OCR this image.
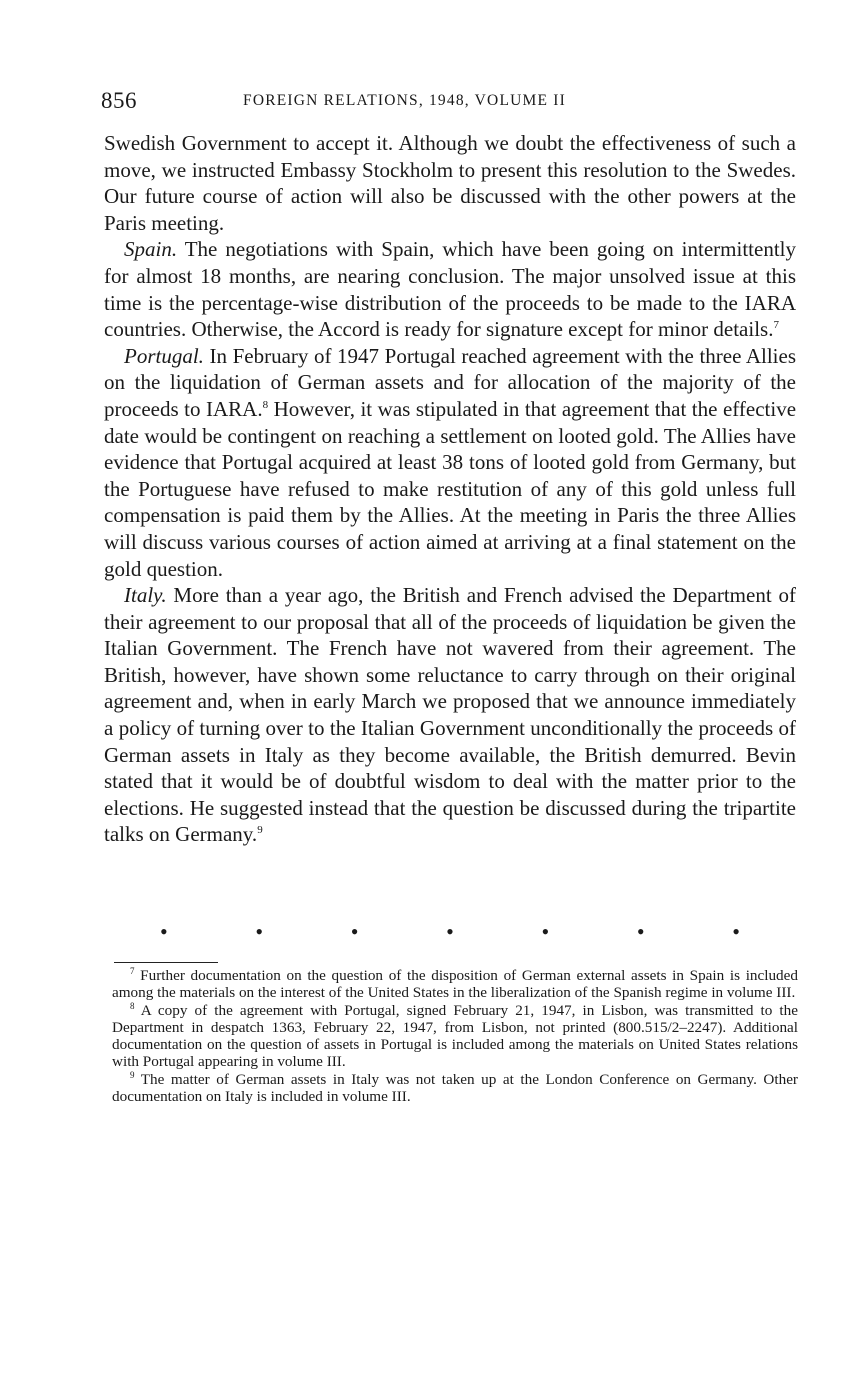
856	FOREIGN RELATIONS, 1948, VOLUME II

Swedish Government to accept it. Although we doubt the effectiveness of such a move, we instructed Embassy Stockholm to present this resolution to the Swedes. Our future course of action will also be discussed with the other powers at the Paris meeting.

Spain. The negotiations with Spain, which have been going on intermittently for almost 18 months, are nearing conclusion. The major unsolved issue at this time is the percentage-wise distribution of the proceeds to be made to the IARA countries. Otherwise, the Accord is ready for signature except for minor details.$^7$

Portugal. In February of 1947 Portugal reached agreement with the three Allies on the liquidation of German assets and for allocation of the majority of the proceeds to IARA.$^8$ However, it was stipulated in that agreement that the effective date would be contingent on reaching a settlement on looted gold. The Allies have evidence that Portugal acquired at least 38 tons of looted gold from Germany, but the Portuguese have refused to make restitution of any of this gold unless full compensation is paid them by the Allies. At the meeting in Paris the three Allies will discuss various courses of action aimed at arriving at a final statement on the gold question.

Italy. More than a year ago, the British and French advised the Department of their agreement to our proposal that all of the proceeds of liquidation be given the Italian Government. The French have not wavered from their agreement. The British, however, have shown some reluctance to carry through on their original agreement and, when in early March we proposed that we announce immediately a policy of turning over to the Italian Government unconditionally the proceeds of German assets in Italy as they become available, the British demurred. Bevin stated that it would be of doubtful wisdom to deal with the matter prior to the elections. He suggested instead that the question be discussed during the tripartite talks on Germany.$^9$

•	•	•	•	•	•	•

$^7$ Further documentation on the question of the disposition of German external assets in Spain is included among the materials on the interest of the United States in the liberalization of the Spanish regime in volume III.

$^8$ A copy of the agreement with Portugal, signed February 21, 1947, in Lisbon, was transmitted to the Department in despatch 1363, February 22, 1947, from Lisbon, not printed (800.515/2–2247). Additional documentation on the question of assets in Portugal is included among the materials on United States relations with Portugal appearing in volume III.

$^9$ The matter of German assets in Italy was not taken up at the London Conference on Germany. Other documentation on Italy is included in volume III.
